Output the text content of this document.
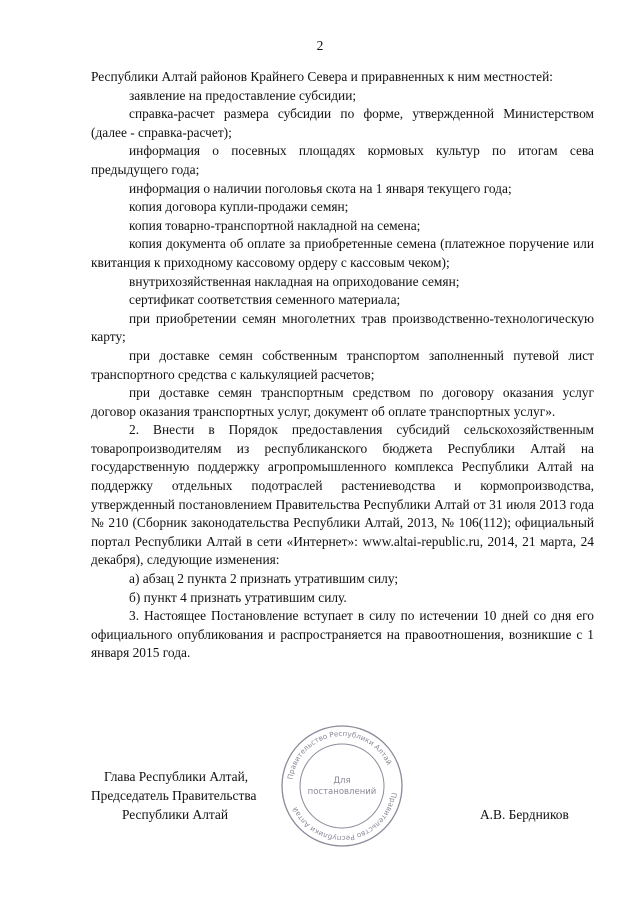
2

Республики Алтай районов Крайнего Севера и приравненных к ним местностей:

заявление на предоставление субсидии;

справка-расчет размера субсидии по форме, утвержденной Министерством (далее - справка-расчет);

информация о посевных площадях кормовых культур по итогам сева предыдущего года;

информация о наличии поголовья скота на 1 января текущего года;

копия договора купли-продажи семян;

копия товарно-транспортной накладной на семена;

копия документа об оплате за приобретенные семена (платежное поручение или квитанция к приходному кассовому ордеру с кассовым чеком);

внутрихозяйственная накладная на оприходование семян;

сертификат соответствия семенного материала;

при приобретении семян многолетних трав производственно-технологическую карту;

при доставке семян собственным транспортом заполненный путевой лист транспортного средства с калькуляцией расчетов;

при доставке семян транспортным средством по договору оказания услуг договор оказания транспортных услуг, документ об оплате транспортных услуг».

2. Внести в Порядок предоставления субсидий сельскохозяйственным товаропроизводителям из республиканского бюджета Республики Алтай на государственную поддержку агропромышленного комплекса Республики Алтай на поддержку отдельных подотраслей растениеводства и кормопроизводства, утвержденный постановлением Правительства Республики Алтай от 31 июля 2013 года № 210 (Сборник законодательства Республики Алтай, 2013, № 106(112); официальный портал Республики Алтай в сети «Интернет»: www.altai-republic.ru, 2014, 21 марта, 24 декабря), следующие изменения:

а) абзац 2 пункта 2 признать утратившим силу;

б) пункт 4 признать утратившим силу.

3. Настоящее Постановление вступает в силу по истечении 10 дней со дня его официального опубликования и распространяется на правоотношения, возникшие с 1 января 2015 года.

Глава Республики Алтай,
Председатель Правительства
Республики Алтай	А.В. Бердников
Правительство Республики Алтай
Правительство Республики Алтай
Для
постановлений
